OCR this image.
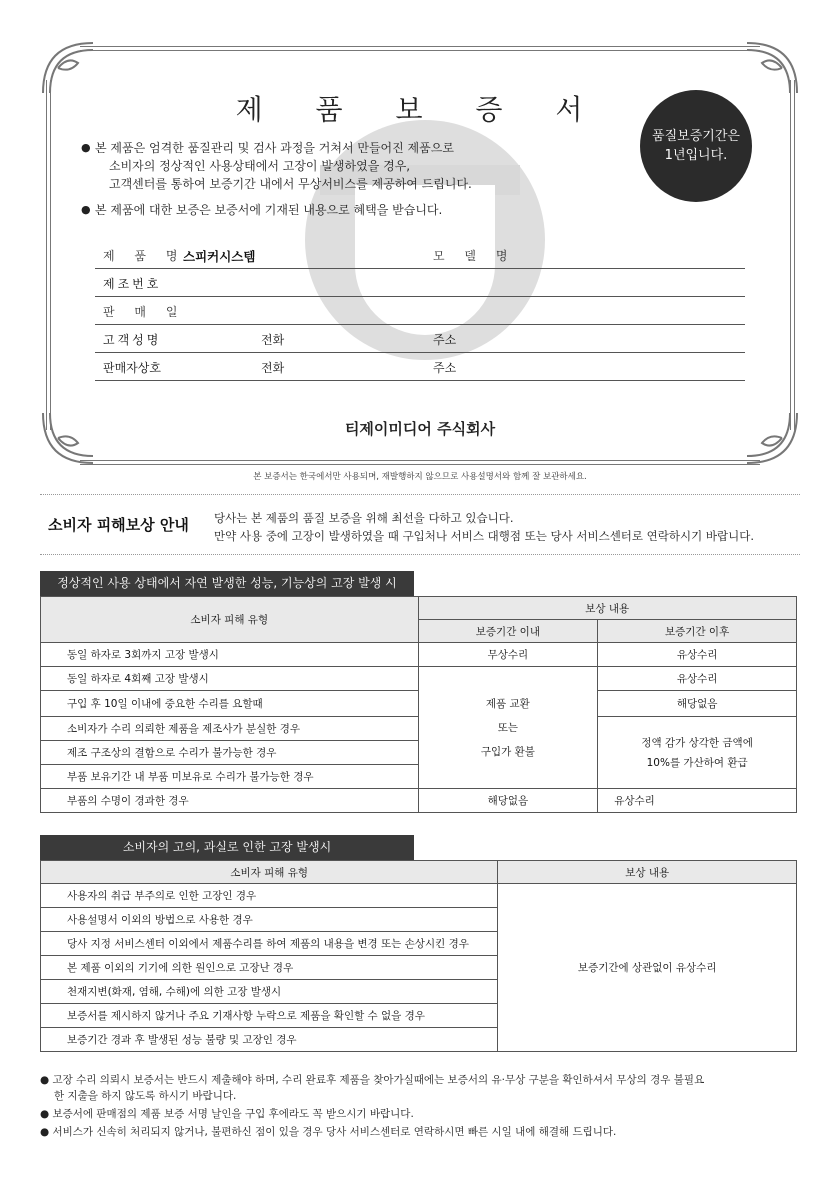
제 품 보 증 서
품질보증기간은
1년입니다.
● 본 제품은 엄격한 품질관리 및 검사 과정을 거쳐서 만들어진 제품으로
소비자의 정상적인 사용상태에서 고장이 발생하였을 경우,
고객센터를 통하여 보증기간 내에서 무상서비스를 제공하여 드립니다.
● 본 제품에 대한 보증은 보증서에 기재된 내용으로 혜택을 받습니다.
제 품 명
스피커시스템	모 델 명
제조번호
판 매 일
고객성명	전화	주소
판매자상호	전화	주소
티제이미디어 주식회사
본 보증서는 한국에서만 사용되며, 재발행하지 않으므로 사용설명서와 함께 잘 보관하세요.
소비자 피해보상 안내 당사는 본 제품의 품질 보증을 위해 최선을 다하고 있습니다.
만약 사용 중에 고장이 발생하였을 때 구입처나 서비스 대행점 또는 당사 서비스센터로 연락하시기 바랍니다.
정상적인 사용 상태에서 자연 발생한 성능, 기능상의 고장 발생 시
소비자 피해 유형	보상 내용	
	보증기간 이내	보증기간 이후
동일 하자로 3회까지 고장 발생시	무상수리	유상수리
동일 하자로 4회째 고장 발생시	제품 교환
또는
구입가 환불	유상수리
구입 후 10일 이내에 중요한 수리를 요할때		해당없음
소비자가 수리 의뢰한 제품을 제조사가 분실한 경우		정액 감가 상각한 금액에
10%를 가산하여 환급

제조 구조상의 결함으로 수리가 불가능한 경우		
부품 보유기간 내 부품 미보유로 수리가 불가능한 경우		
부품의 수명이 경과한 경우	해당없음	유상수리
소비자의 고의, 과실로 인한 고장 발생시
소비자 피해 유형	보상 내용
사용자의 취급 부주의로 인한 고장인 경우	보증기간에 상관없이 유상수리
사용설명서 이외의 방법으로 사용한 경우	
당사 지정 서비스센터 이외에서 제품수리를 하여 제품의 내용을 변경 또는 손상시킨 경우	
본 제품 이외의 기기에 의한 원인으로 고장난 경우	
천재지변(화재, 염해, 수해)에 의한 고장 발생시	
보증서를 제시하지 않거나 주요 기재사항 누락으로 제품을 확인할 수 없을 경우	
보증기간 경과 후 발생된 성능 불량 및 고장인 경우	
● 고장 수리 의뢰시 보증서는 반드시 제출해야 하며, 수리 완료후 제품을 찾아가실때에는 보증서의 유·무상 구분을 확인하셔서 무상의 경우 불필요
한 지출을 하지 않도록 하시기 바랍니다.
● 보증서에 판매점의 제품 보증 서명 날인을 구입 후에라도 꼭 받으시기 바랍니다.
● 서비스가 신속히 처리되지 않거나, 불편하신 점이 있을 경우 당사 서비스센터로 연락하시면 빠른 시일 내에 해결해 드립니다.
